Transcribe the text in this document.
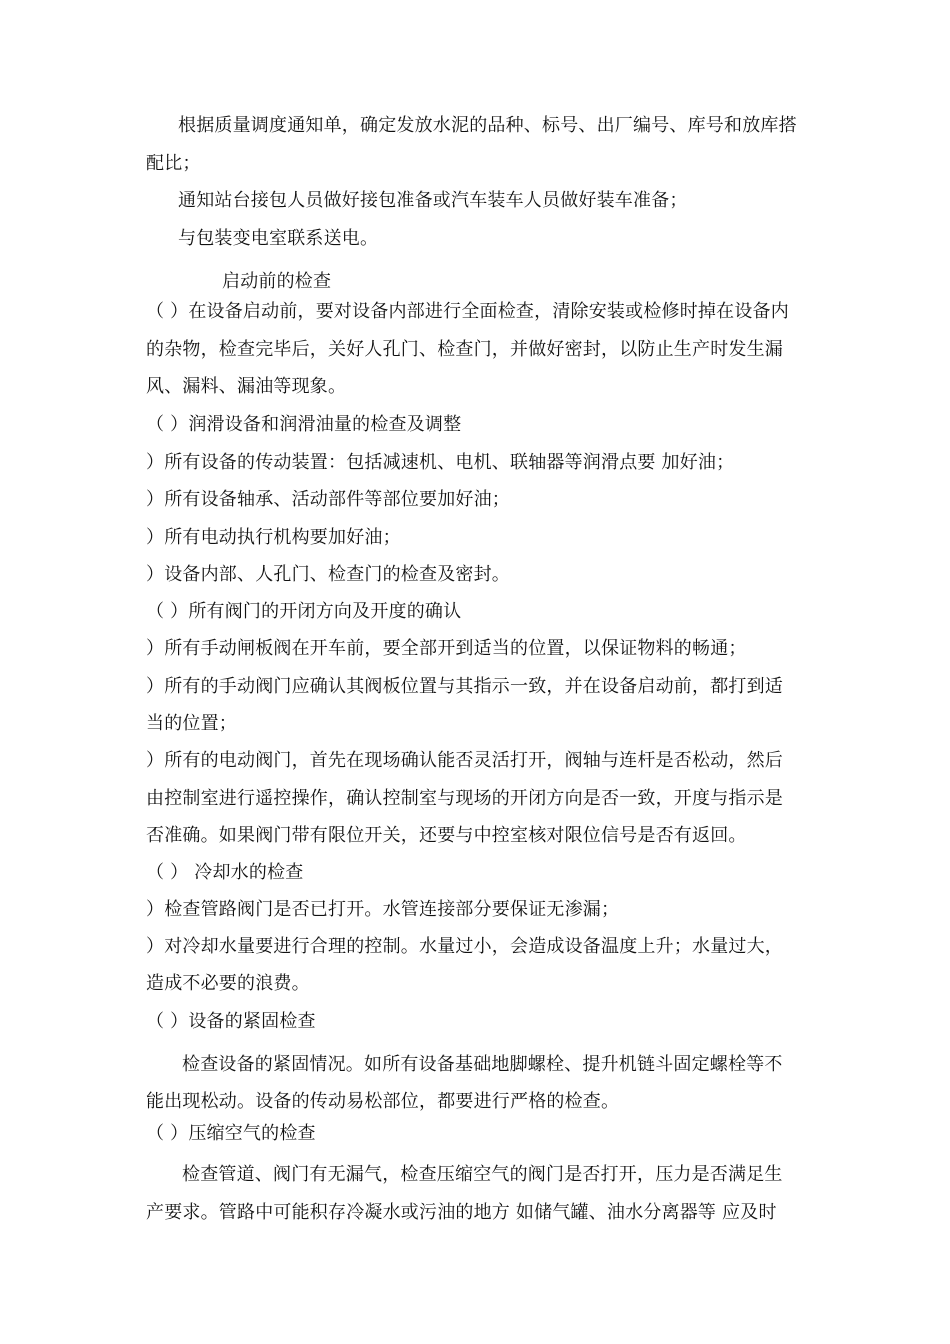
根据质量调度通知单，确定发放水泥的品种、标号、出厂编号、库号和放库搭
配比；
通知站台接包人员做好接包准备或汽车装车人员做好装车准备；
与包装变电室联系送电。
启动前的检查
（ ）在设备启动前，要对设备内部进行全面检查，清除安装或检修时掉在设备内
的杂物，检查完毕后，关好人孔门、检查门，并做好密封，以防止生产时发生漏
风、漏料、漏油等现象。
（ ）润滑设备和润滑油量的检查及调整
）所有设备的传动装置：包括减速机、电机、联轴器等润滑点要 加好油；
）所有设备轴承、活动部件等部位要加好油；
）所有电动执行机构要加好油；
）设备内部、人孔门、检查门的检查及密封。
（ ）所有阀门的开闭方向及开度的确认
）所有手动闸板阀在开车前，要全部开到适当的位置，以保证物料的畅通；
）所有的手动阀门应确认其阀板位置与其指示一致，并在设备启动前，都打到适
当的位置；
）所有的电动阀门，首先在现场确认能否灵活打开，阀轴与连杆是否松动，然后
由控制室进行遥控操作，确认控制室与现场的开闭方向是否一致，开度与指示是
否准确。如果阀门带有限位开关，还要与中控室核对限位信号是否有返回。
（ ） 冷却水的检查
）检查管路阀门是否已打开。水管连接部分要保证无渗漏；
）对冷却水量要进行合理的控制。水量过小，会造成设备温度上升；水量过大，
造成不必要的浪费。
（ ）设备的紧固检查
检查设备的紧固情况。如所有设备基础地脚螺栓、提升机链斗固定螺栓等不
能出现松动。设备的传动易松部位，都要进行严格的检查。
（ ）压缩空气的检查
检查管道、阀门有无漏气，检查压缩空气的阀门是否打开，压力是否满足生
产要求。管路中可能积存冷凝水或污油的地方 如储气罐、油水分离器等 应及时
